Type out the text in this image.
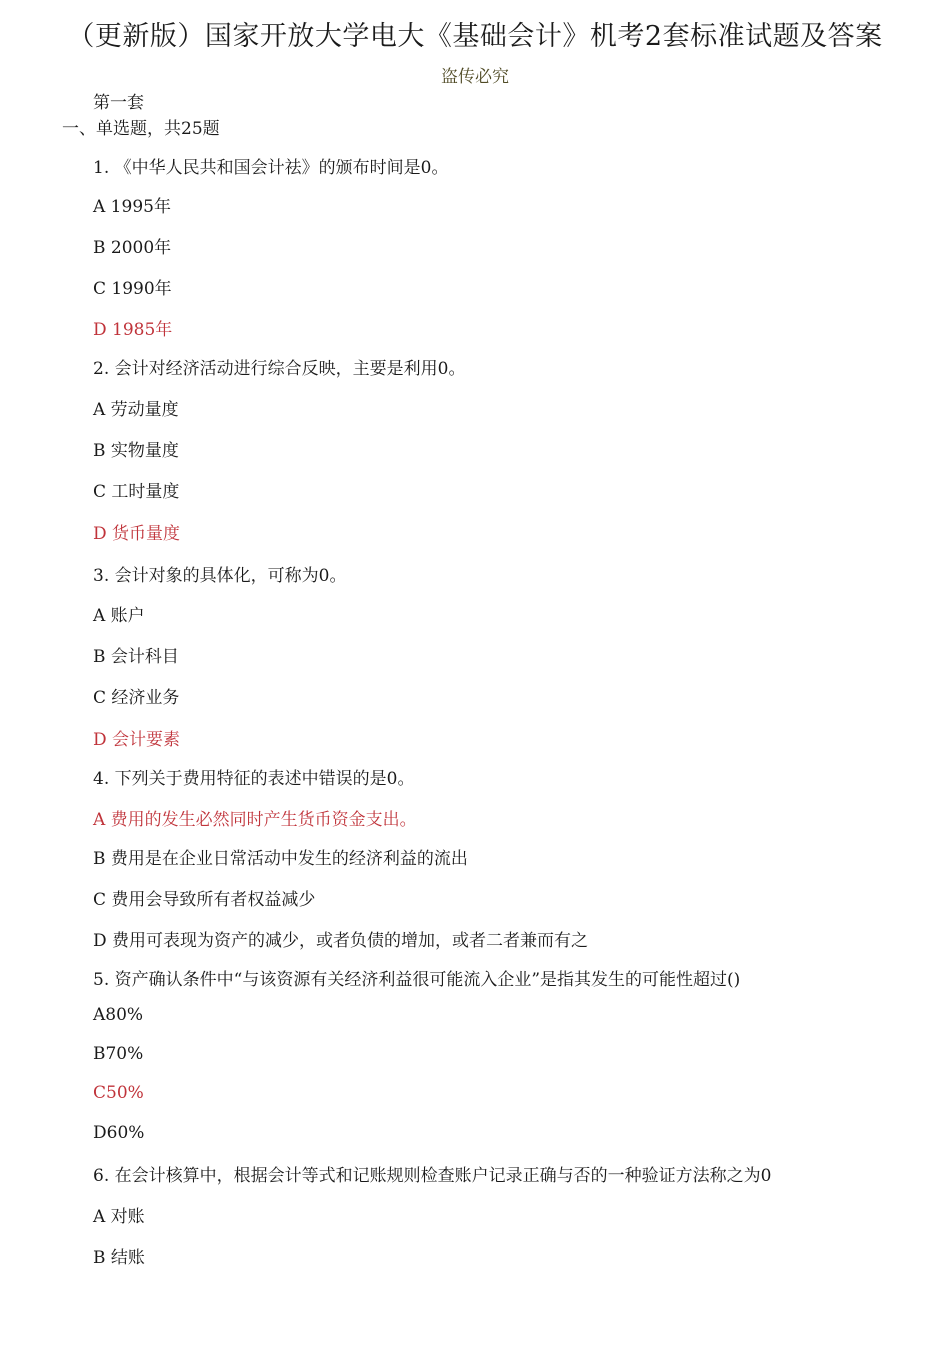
（更新版）国家开放大学电大《基础会计》机考2套标准试题及答案
盗传必究
第一套
一、单选题，共25题
1. 《中华人民共和国会计祛》的颁布时间是0。
A 1995年
B 2000年
C 1990年
D 1985年
2. 会计对经济活动进行综合反映，主要是利用0。
A 劳动量度
B 实物量度
C 工时量度
D 货币量度
3. 会计对象的具体化，可称为0。
A 账户
B 会计科目
C 经济业务
D 会计要素
4. 下列关于费用特征的表述中错误的是0。
A 费用的发生必然同时产生货币资金支出。
B 费用是在企业日常活动中发生的经济利益的流出
C 费用会导致所有者权益减少
D 费用可表现为资产的减少，或者负债的增加，或者二者兼而有之
5. 资产确认条件中“与该资源有关经济利益很可能流入企业”是指其发生的可能性超过()
A80%
B70%
C50%
D60%
6. 在会计核算中，根据会计等式和记账规则检查账户记录正确与否的一种验证方法称之为0
A 对账
B 结账
